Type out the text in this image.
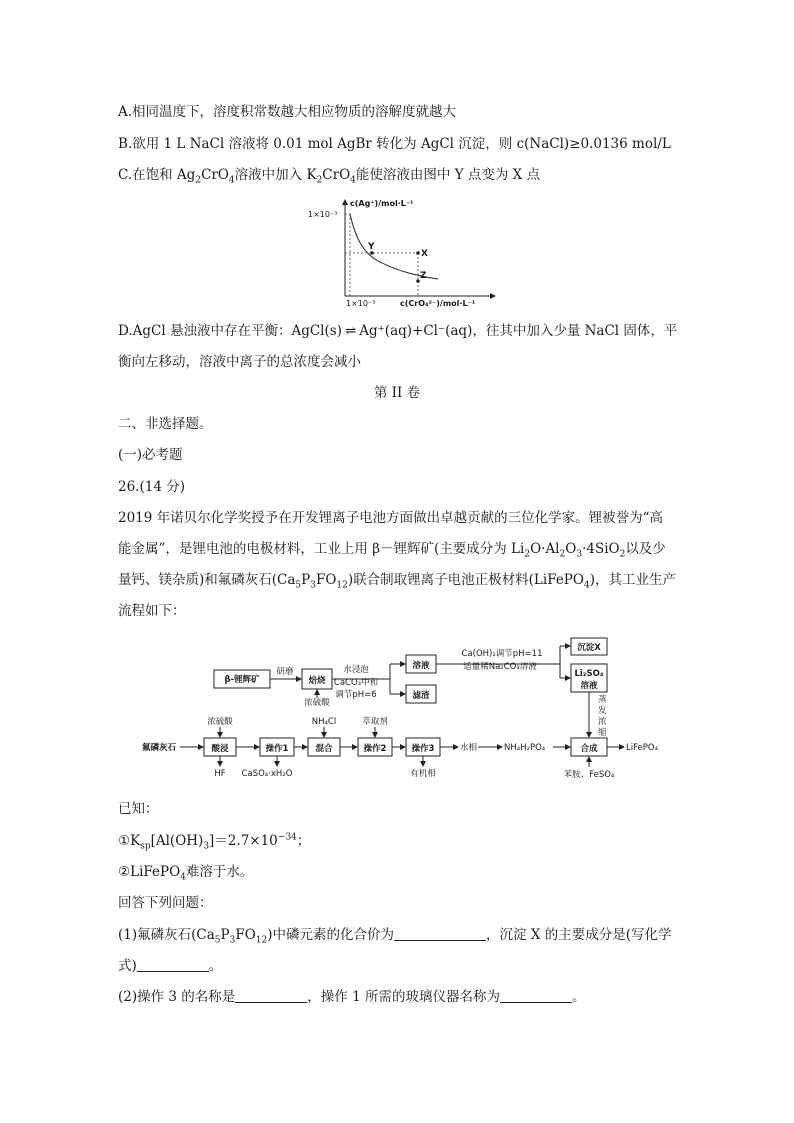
A.相同温度下，溶度积常数越大相应物质的溶解度就越大
B.欲用 1 L NaCl 溶液将 0.01 mol AgBr 转化为 AgCl 沉淀，则 c(NaCl)≥0.0136 mol/L
C.在饱和 $Ag_2CrO_4$溶液中加入 $K_2CrO_4$能使溶液由图中 Y 点变为 X 点
1×10⁻³
c(Ag⁺)/mol·L⁻¹
1×10⁻³	c(CrO₄²⁻)/mol·L⁻¹
Y
X
Z
D.AgCl 悬浊液中存在平衡：AgCl(s) ⇌ Ag⁺(aq)+Cl⁻(aq)，往其中加入少量 NaCl 固体，平
衡向左移动，溶液中离子的总浓度会减小
第 II 卷
二、非选择题。
(一)必考题
26.(14 分)
2019 年诺贝尔化学奖授予在开发锂离子电池方面做出卓越贡献的三位化学家。锂被誉为“高
能金属”，是锂电池的电极材料，工业上用 β－锂辉矿(主要成分为 $Li_2O\cdot Al_2O_3\cdot 4SiO_2$以及少
量钙、镁杂质)和氟磷灰石$(Ca_5P_3FO_{12})$联合制取锂离子电池正极材料(LiFePO$_4$)，其工业生产
流程如下：
β-锂辉矿
研磨
焙烧
浓硫酸
水浸泡
CaCO₃中和
调节pH=6
溶液
滤渣
Ca(OH)₂调节pH=11
适量稀Na₂CO₃溶液
沉淀X
Li₂SO₄
溶液
蒸
发
浓
缩
氟磷灰石	酸浸
浓硫酸
HF
操作1
CaSO₄·xH₂O
混合
NH₄Cl
操作2
萃取剂
操作3
有机相
水相	NH₄H₂PO₄	合成
苯胺、FeSO₄
LiFePO₄
已知：
$①K_{sp}[Al(OH)_3]=2.7\times 10^{-34}$；
②LiFePO$_4$难溶于水。
回答下列问题：
(1)氟磷灰石$(Ca_5P_3FO_{12})$中磷元素的化合价为	，沉淀 X 的主要成分是(写化学
式)	。
(2)操作 3 的名称是	，操作 1 所需的玻璃仪器名称为	。
